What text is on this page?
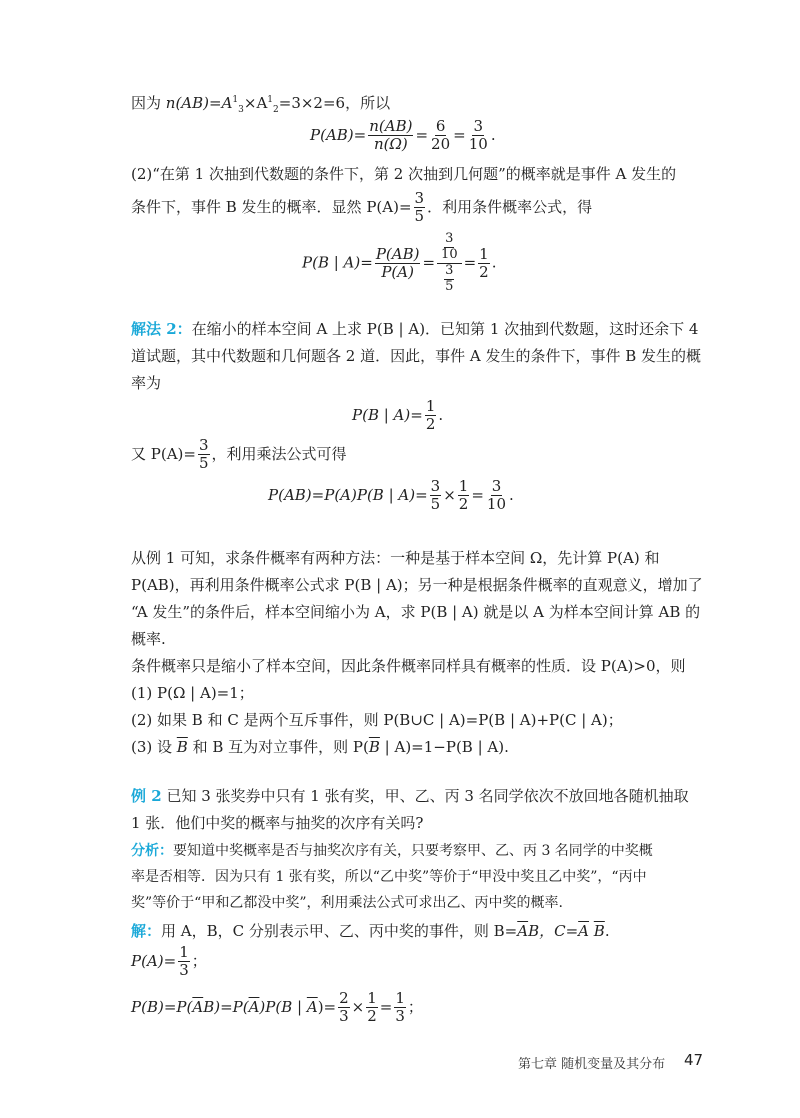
因为 $n(AB)=A^1_3\times A^1_2=3\times 2=6$，所以
$P(AB)= \frac{n(AB)}{n(\Omega)} = \frac{6}{20} = \frac{3}{10}$ .
(2)“在第 1 次抽到代数题的条件下，第 2 次抽到几何题”的概率就是事件 A 发生的
条件下，事件 B 发生的概率．显然 $P(A)= \frac{3}{5}$ ．利用条件概率公式，得
P(B | $A)= \frac{P(AB)}{P(A)} = \frac{\frac{3}{10}}{\frac{3}{5}} = \frac{1}{2}$ .
解法 2：在缩小的样本空间 A 上求 P(B | A)．已知第 1 次抽到代数题，这时还余下 4
道试题，其中代数题和几何题各 2 道．因此，事件 A 发生的条件下，事件 B 发生的概
率为
P(B | $A)= \frac{1}{2}$ .
又 $P(A)= \frac{3}{5}$ ，利用乘法公式可得
P(AB)=P(A)P(B | $A)= \frac{3}{5} \times \frac{1}{2} = \frac{3}{10}$ .
从例 1 可知，求条件概率有两种方法：一种是基于样本空间 Ω，先计算 P(A) 和
P(AB)，再利用条件概率公式求 P(B | A)；另一种是根据条件概率的直观意义，增加了
“A 发生”的条件后，样本空间缩小为 A，求 P(B | A) 就是以 A 为样本空间计算 AB 的
概率.
条件概率只是缩小了样本空间，因此条件概率同样具有概率的性质．设 P(A)>0，则
(1) P(Ω | A)=1；
(2) 如果 B 和 C 是两个互斥事件，则 P(B∪C | A)=P(B | A)+P(C | A)；
(3) 设 $\overline{B}$ 和 B 互为对立事件，则 $P(\overline{B}$ | A)=1−P(B | A).
例 2 已知 3 张奖券中只有 1 张有奖，甲、乙、丙 3 名同学依次不放回地各随机抽取
1 张．他们中奖的概率与抽奖的次序有关吗?
分析：要知道中奖概率是否与抽奖次序有关，只要考察甲、乙、丙 3 名同学的中奖概
率是否相等．因为只有 1 张有奖，所以“乙中奖”等价于“甲没中奖且乙中奖”，“丙中
奖”等价于“甲和乙都没中奖”，利用乘法公式可求出乙、丙中奖的概率.
解：用 A，B，C 分别表示甲、乙、丙中奖的事件，则 $B=\overline{A}B$，$C=\overline{A}$ $\overline{B}$.
$P(A)= \frac{1}{3}$ ；
$P(B)=P(\overline{A}B)=P(\overline{A})P(B$ | $\overline{A})= \frac{2}{3} \times \frac{1}{2} = \frac{1}{3}$ ；
第七章 随机变量及其分布 47
